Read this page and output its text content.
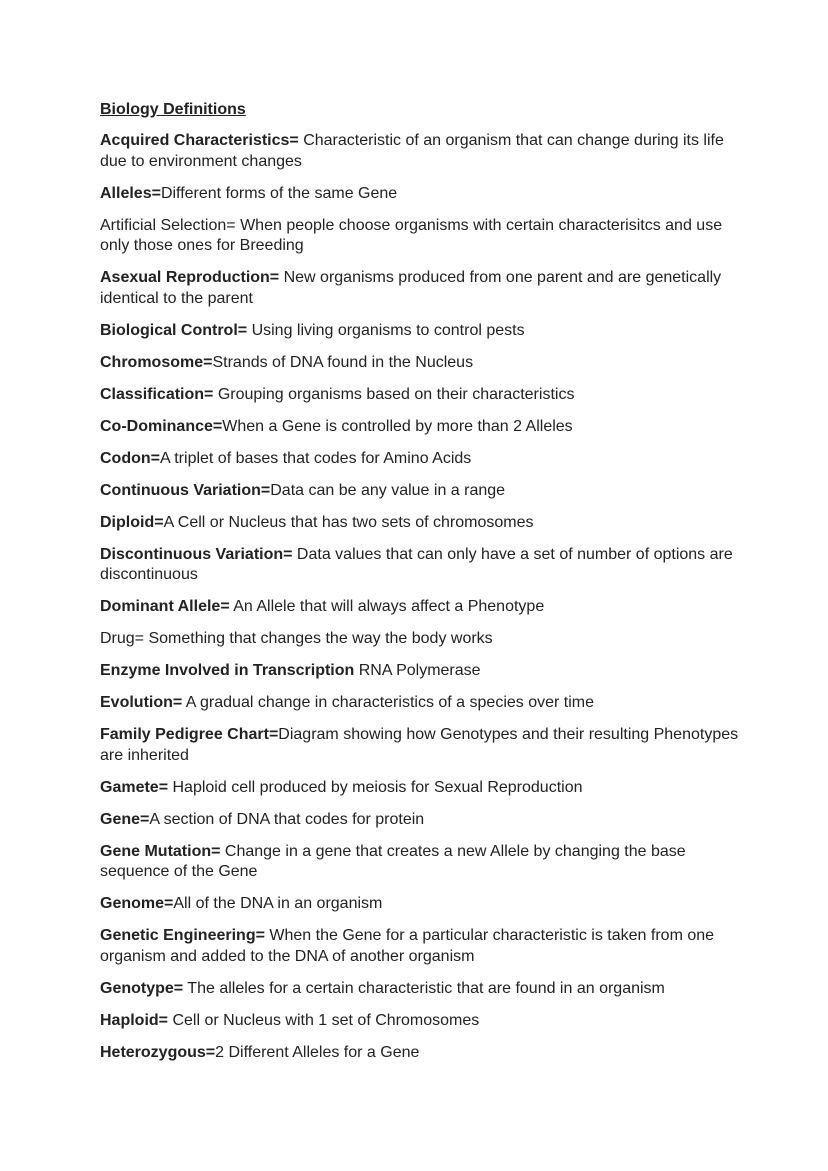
Biology Definitions
Acquired Characteristics= Characteristic of an organism that can change during its life due to environment changes
Alleles=Different forms of the same Gene
Artificial Selection= When people choose organisms with certain characterisitcs and use only those ones for Breeding
Asexual Reproduction= New organisms produced from one parent and are genetically identical to the parent
Biological Control= Using living organisms to control pests
Chromosome=Strands of DNA found in the Nucleus
Classification= Grouping organisms based on their characteristics
Co-Dominance=When a Gene is controlled by more than 2 Alleles
Codon=A triplet of bases that codes for Amino Acids
Continuous Variation=Data can be any value in a range
Diploid=A Cell or Nucleus that has two sets of chromosomes
Discontinuous Variation= Data values that can only have a set of number of options are discontinuous
Dominant Allele= An Allele that will always affect a Phenotype
Drug= Something that changes the way the body works
Enzyme Involved in Transcription RNA Polymerase
Evolution= A gradual change in characteristics of a species over time
Family Pedigree Chart=Diagram showing how Genotypes and their resulting Phenotypes are inherited
Gamete= Haploid cell produced by meiosis for Sexual Reproduction
Gene=A section of DNA that codes for protein
Gene Mutation= Change in a gene that creates a new Allele by changing the base sequence of the Gene
Genome=All of the DNA in an organism
Genetic Engineering= When the Gene for a particular characteristic is taken from one organism and added to the DNA of another organism
Genotype= The alleles for a certain characteristic that are found in an organism
Haploid= Cell or Nucleus with 1 set of Chromosomes
Heterozygous=2 Different Alleles for a Gene
